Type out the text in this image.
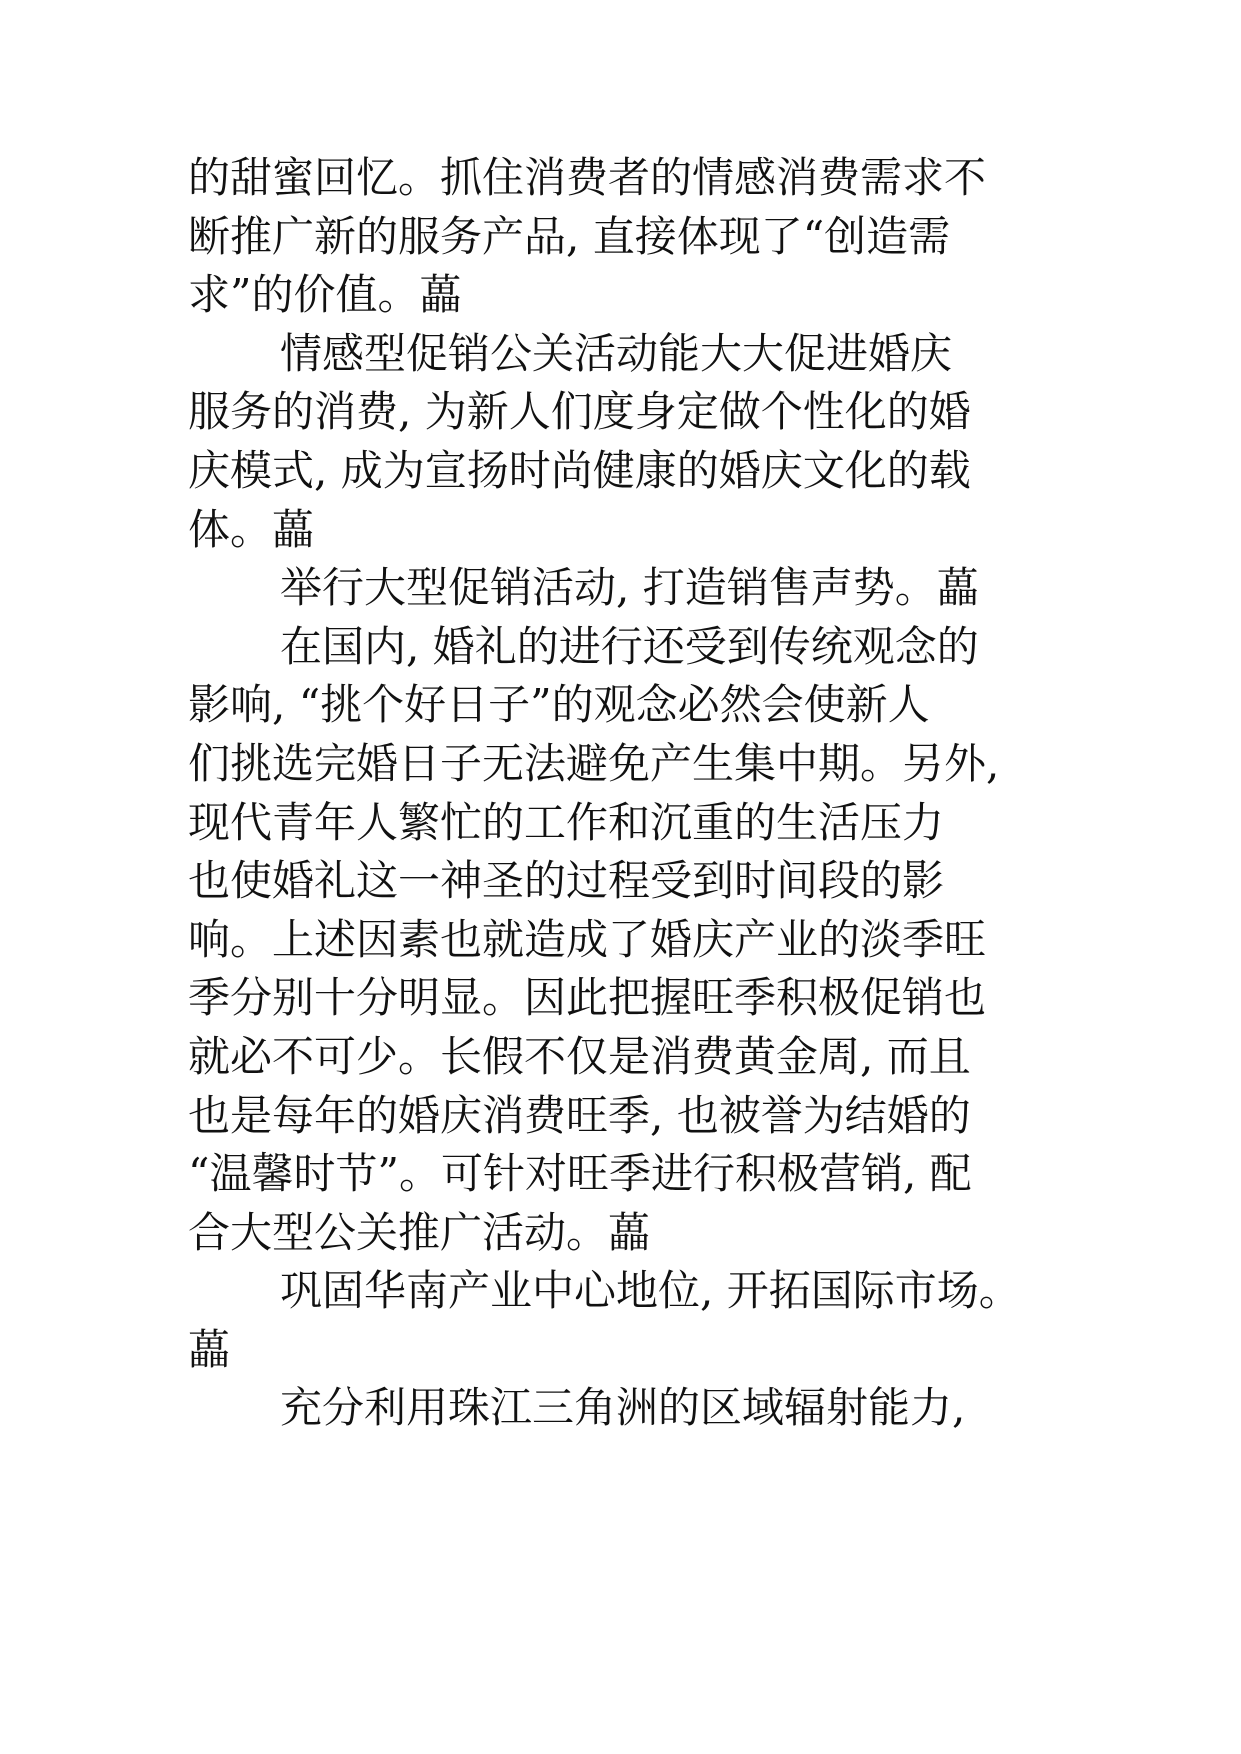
的甜蜜回忆。抓住消费者的情感消费需求不
断推广新的服务产品, 直接体现了“创造需
求”的价值。藟
情感型促销公关活动能大大促进婚庆
服务的消费, 为新人们度身定做个性化的婚
庆模式, 成为宣扬时尚健康的婚庆文化的载
体。藟
举行大型促销活动, 打造销售声势。藟
在国内, 婚礼的进行还受到传统观念的
影响, “挑个好日子”的观念必然会使新人
们挑选完婚日子无法避免产生集中期。另外,
现代青年人繁忙的工作和沉重的生活压力
也使婚礼这一神圣的过程受到时间段的影
响。上述因素也就造成了婚庆产业的淡季旺
季分别十分明显。因此把握旺季积极促销也
就必不可少。长假不仅是消费黄金周, 而且
也是每年的婚庆消费旺季, 也被誉为结婚的
“温馨时节”。可针对旺季进行积极营销, 配
合大型公关推广活动。藟
巩固华南产业中心地位, 开拓国际市场。
藟
充分利用珠江三角洲的区域辐射能力,
